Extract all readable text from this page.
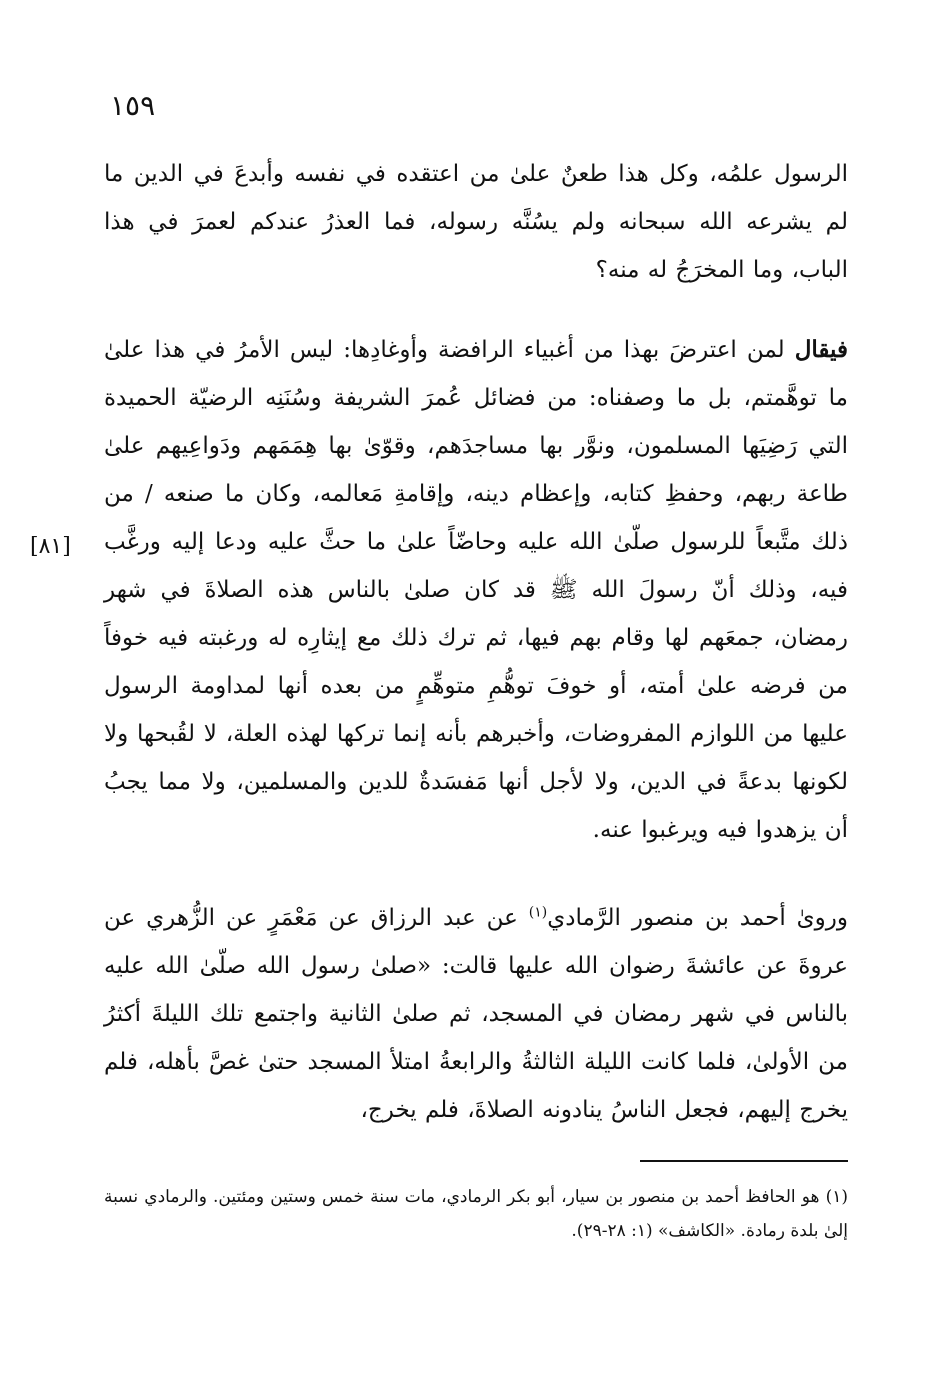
١٥٩

الرسول علمُه، وكل هذا طعنٌ علىٰ من اعتقده في نفسه وأبدعَ في الدين ما لم يشرعه الله سبحانه ولم يسُنَّه رسوله، فما العذرُ عندكم لعمرَ في هذا الباب، وما المخرَجُ له منه؟

فيقال لمن اعترضَ بهذا من أغبياء الرافضة وأوغادِها: ليس الأمرُ في هذا علىٰ ما توهَّمتم، بل ما وصفناه: من فضائل عُمرَ الشريفة وسُنَنِه الرضيّة الحميدة التي رَضِيَها المسلمون، ونوَّر بها مساجدَهم، وقوّىٰ بها هِمَمَهم ودَواعِيهم علىٰ طاعة ربهم، وحفظِ كتابه، وإعظام دينه، وإقامةِ مَعالمه، وكان ما صنعه / من ذلك متَّبعاً للرسول صلّىٰ الله عليه وحاضّاً علىٰ ما حثَّ عليه ودعا إليه ورغَّب فيه، وذلك أنّ رسولَ الله ﷺ قد كان صلىٰ بالناس هذه الصلاةَ في شهر رمضان، جمعَهم لها وقام بهم فيها، ثم ترك ذلك مع إيثارِه له ورغبته فيه خوفاً من فرضه علىٰ أمته، أو خوفَ توهُّمِ متوهِّمٍ من بعده أنها لمداومة الرسول عليها من اللوازم المفروضات، وأخبرهم بأنه إنما تركها لهذه العلة، لا لقُبحها ولا لكونها بدعةً في الدين، ولا لأجل أنها مَفسَدةٌ للدين والمسلمين، ولا مما يجبُ أن يزهدوا فيه ويرغبوا عنه.

[٨١]

وروىٰ أحمد بن منصور الرَّمادي$^{(١)}$ عن عبد الرزاق عن مَعْمَرٍ عن الزُّهري عن عروةَ عن عائشةَ رضوان الله عليها قالت: «صلىٰ رسول الله صلّىٰ الله عليه بالناس في شهر رمضان في المسجد، ثم صلىٰ الثانية واجتمع تلك الليلةَ أكثرُ من الأولىٰ، فلما كانت الليلة الثالثةُ والرابعةُ امتلأ المسجد حتىٰ غصَّ بأهله، فلم يخرج إليهم، فجعل الناسُ ينادونه الصلاةَ، فلم يخرج،

(١) هو الحافظ أحمد بن منصور بن سيار، أبو بكر الرمادي، مات سنة خمس وستين ومئتين. والرمادي نسبة إلىٰ بلدة رمادة. «الكاشف» (١: ٢٨-٢٩).
